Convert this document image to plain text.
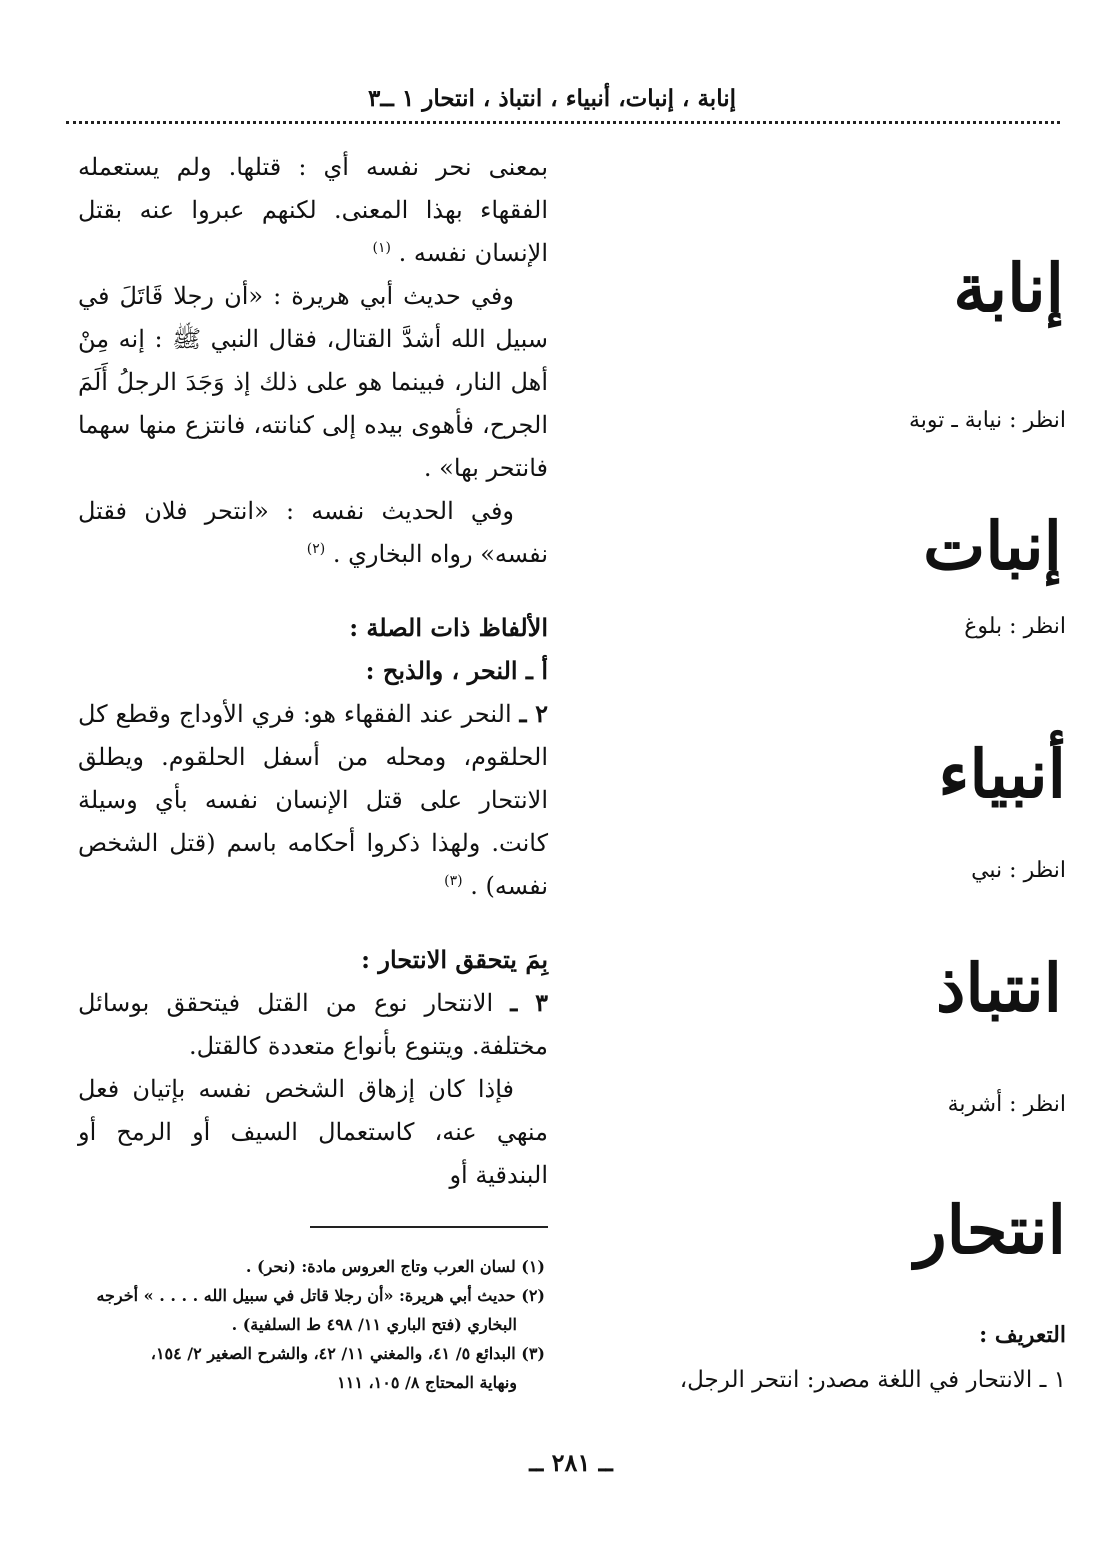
إنابة ، إنبات، أنبياء ، انتباذ ، انتحار ١ ــ٣
إنابة
انظر : نيابة ـ توبة
إنبات
انظر : بلوغ
أنبياء
انظر : نبي
انتباذ
انظر : أشربة
انتحار
التعريف :
١ ـ الانتحار في اللغة مصدر: انتحر الرجل،

بمعنى نحر نفسه أي : قتلها. ولم يستعمله الفقهاء بهذا المعنى. لكنهم عبروا عنه بقتل الإنسان نفسه . $^{(١)}$

وفي حديث أبي هريرة : «أن رجلا قَاتَلَ في سبيل الله أشدَّ القتال، فقال النبي ﷺ : إنه مِنْ أهل النار، فبينما هو على ذلك إذ وَجَدَ الرجلُ أَلَمَ الجرح، فأهوى بيده إلى كنانته، فانتزع منها سهما فانتحر بها» .

وفي الحديث نفسه : «انتحر فلان فقتل نفسه» رواه البخاري . $^{(٢)}$

الألفاظ ذات الصلة :

أ ـ النحر ، والذبح :

٢ ـ النحر عند الفقهاء هو: فري الأوداج وقطع كل الحلقوم، ومحله من أسفل الحلقوم. ويطلق الانتحار على قتل الإنسان نفسه بأي وسيلة كانت. ولهذا ذكروا أحكامه باسم (قتل الشخص نفسه) . $^{(٣)}$

بِمَ يتحقق الانتحار :

٣ ـ الانتحار نوع من القتل فيتحقق بوسائل مختلفة. ويتنوع بأنواع متعددة كالقتل.

فإذا كان إزهاق الشخص نفسه بإتيان فعل منهي عنه، كاستعمال السيف أو الرمح أو البندقية أو

(١) لسان العرب وتاج العروس مادة: (نحر) .

(٢) حديث أبي هريرة: «أن رجلا قاتل في سبيل الله . . . . » أخرجه

البخاري (فتح الباري ١١/ ٤٩٨ ط السلفية) .

(٣) البدائع ٥/ ٤١، والمغني ١١/ ٤٢، والشرح الصغير ٢/ ١٥٤،

ونهاية المحتاج ٨/ ١٠٥، ١١١

ــ ٢٨١ ــ
